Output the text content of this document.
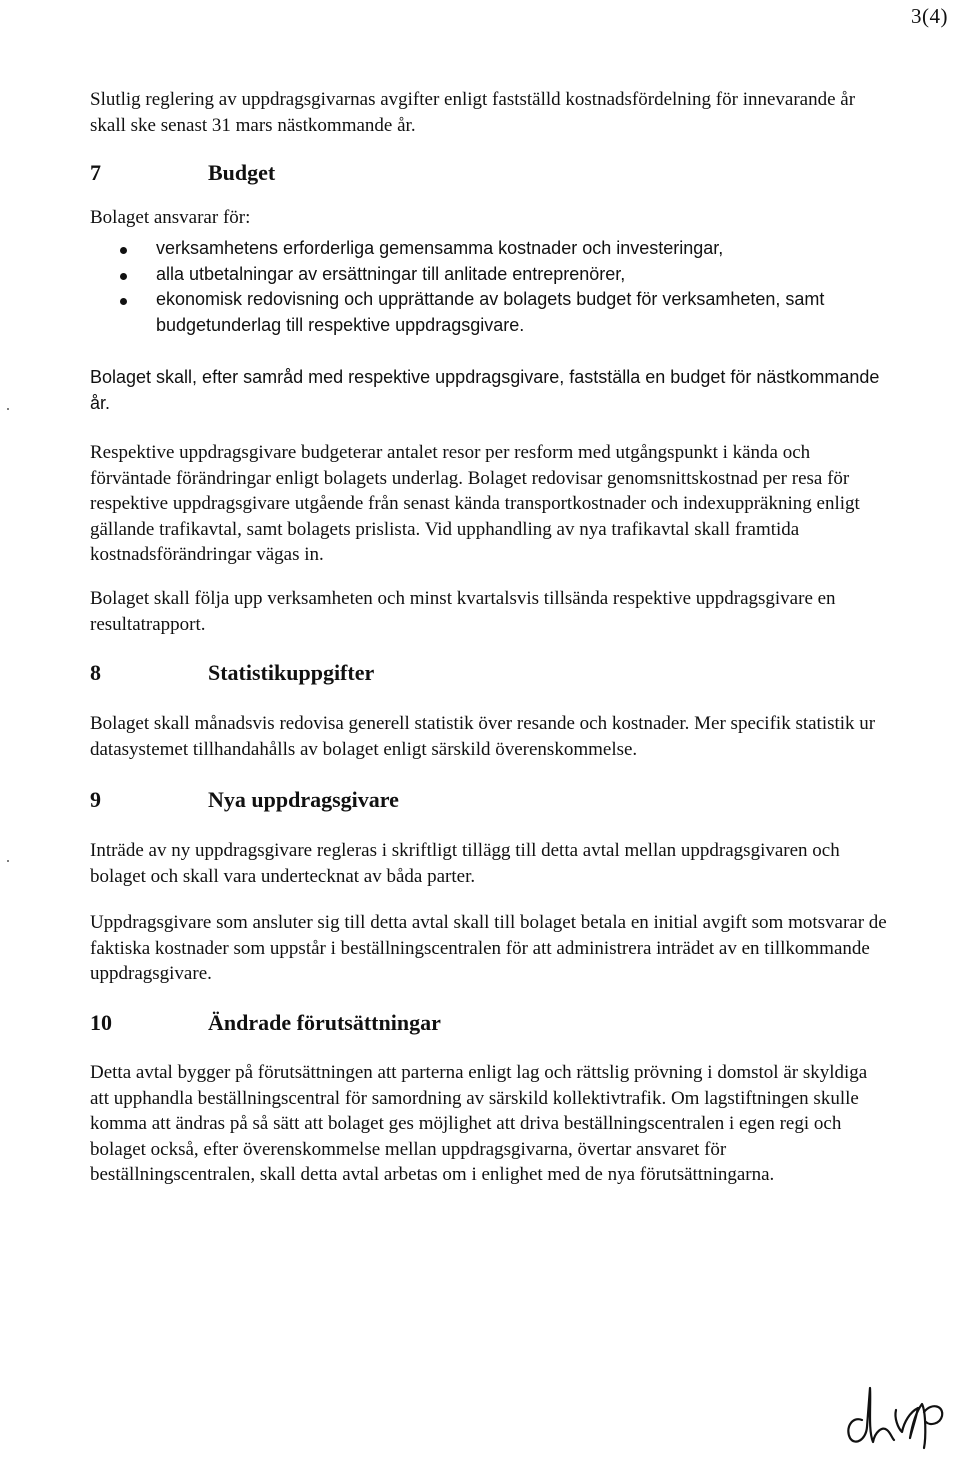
3(4)

Slutlig reglering av uppdragsgivarnas avgifter enligt fastställd kostnadsfördelning för innevarande år skall ske senast 31 mars nästkommande år.

7	Budget

Bolaget ansvarar för:

verksamhetens erforderliga gemensamma kostnader och investeringar,
alla utbetalningar av ersättningar till anlitade entreprenörer,
ekonomisk redovisning och upprättande av bolagets budget för verksamheten, samt budgetunderlag till respektive uppdragsgivare.

Bolaget skall, efter samråd med respektive uppdragsgivare, fastställa en budget för nästkommande år.

Respektive uppdragsgivare budgeterar antalet resor per resform med utgångspunkt i kända och förväntade förändringar enligt bolagets underlag. Bolaget redovisar genomsnittskostnad per resa för respektive uppdragsgivare utgående från senast kända transportkostnader och indexuppräkning enligt gällande trafikavtal, samt bolagets prislista. Vid upphandling av nya trafikavtal skall framtida kostnadsförändringar vägas in.

Bolaget skall följa upp verksamheten och minst kvartalsvis tillsända respektive uppdragsgivare en resultatrapport.

8	Statistikuppgifter

Bolaget skall månadsvis redovisa generell statistik över resande och kostnader. Mer specifik statistik ur datasystemet tillhandahålls av bolaget enligt särskild överenskommelse.

9	Nya uppdragsgivare

Inträde av ny uppdragsgivare regleras i skriftligt tillägg till detta avtal mellan uppdragsgivaren och bolaget och skall vara undertecknat av båda parter.

Uppdragsgivare som ansluter sig till detta avtal skall till bolaget betala en initial avgift som motsvarar de faktiska kostnader som uppstår i beställningscentralen för att administrera inträdet av en tillkommande uppdragsgivare.

10	Ändrade förutsättningar

Detta avtal bygger på förutsättningen att parterna enligt lag och rättslig prövning i domstol är skyldiga att upphandla beställningscentral för samordning av särskild kollektivtrafik. Om lagstiftningen skulle komma att ändras på så sätt att bolaget ges möjlighet att driva beställningscentralen i egen regi och bolaget också, efter överenskommelse mellan uppdragsgivarna, övertar ansvaret för beställningscentralen, skall detta avtal arbetas om i enlighet med de nya förutsättningarna.
